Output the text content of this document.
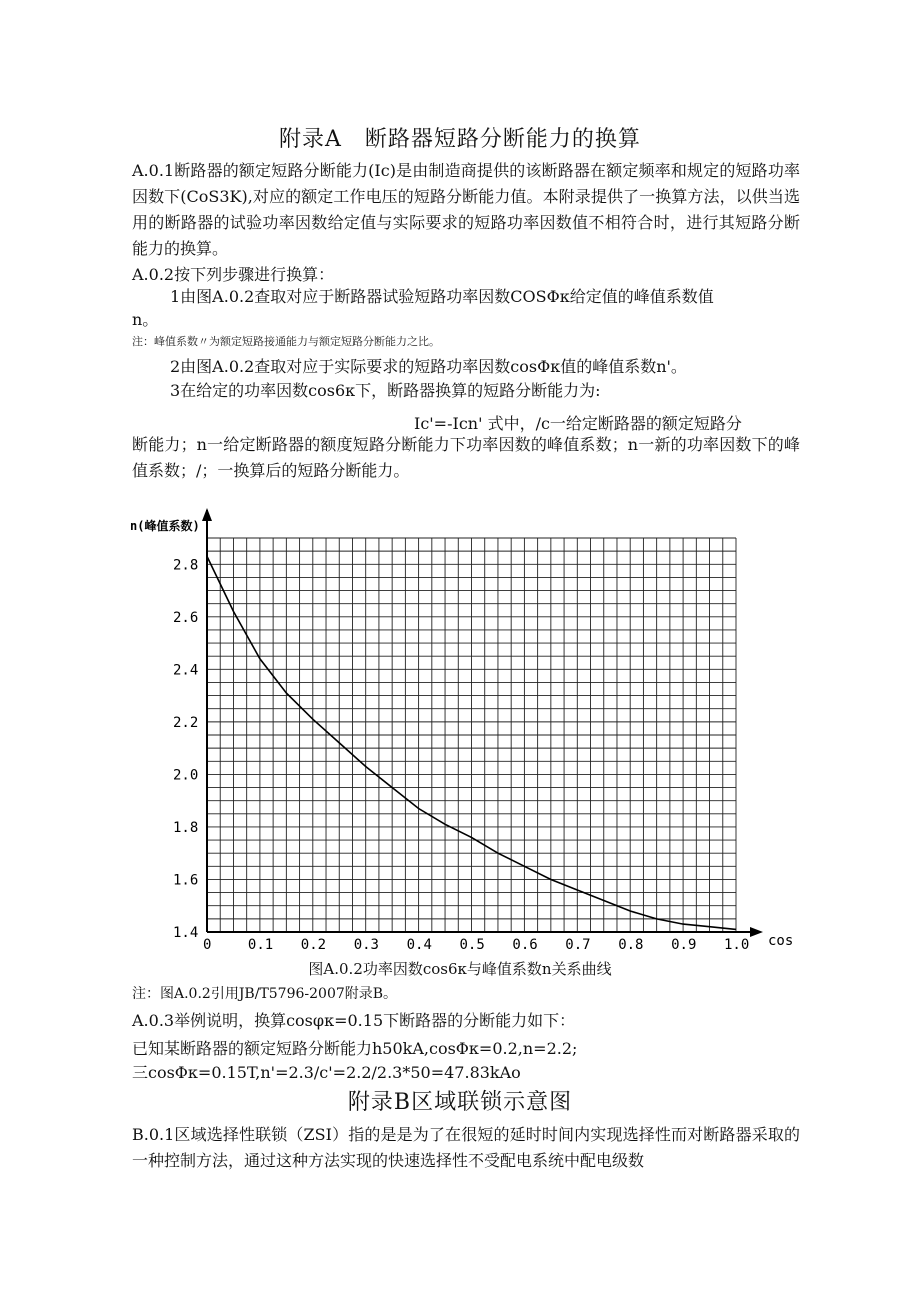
附录A　断路器短路分断能力的换算
A.0.1断路器的额定短路分断能力(Ic)是由制造商提供的该断路器在额定频率和规定的短路功率因数下(CoS3K),对应的额定工作电压的短路分断能力值。本附录提供了一换算方法，以供当选用的断路器的试验功率因数给定值与实际要求的短路功率因数值不相符合时，进行其短路分断能力的换算。
A.0.2按下列步骤进行换算：
1由图A.0.2查取对应于断路器试验短路功率因数COSΦκ给定值的峰值系数值
n。
注：峰值系数〃为额定短路接通能力与额定短路分断能力之比。
2由图A.0.2查取对应于实际要求的短路功率因数cosΦκ值的峰值系数n'。
3在给定的功率因数cos6κ下，断路器换算的短路分断能力为:
Ic'=-Icn' 式中，/c一给定断路器的额定短路分
断能力；n一给定断路器的额度短路分断能力下功率因数的峰值系数；n一新的功率因数下的峰值系数；/；一换算后的短路分断能力。
1.4
1.6
1.8
2.0
2.2
2.4
2.6
2.8
0	0.1 0.2 0.3 0.4 0.5 0.6 0.7 0.8 0.9 1.0
n(峰值系数)
cos
图A.0.2功率因数cos6κ与峰值系数n关系曲线
注：图A.0.2引用JB/T5796-2007附录B。
A.0.3举例说明，换算cosφκ=0.15下断路器的分断能力如下：
已知某断路器的额定短路分断能力h50kA,cosΦκ=0.2,n=2.2;
三cosΦκ=0.15T,n'=2.3/c'=2.2/2.3*50=47.83kAo
附录B区域联锁示意图
B.0.1区域选择性联锁（ZSI）指的是是为了在很短的延时时间内实现选择性而对断路器采取的一种控制方法，通过这种方法实现的快速选择性不受配电系统中配电级数
